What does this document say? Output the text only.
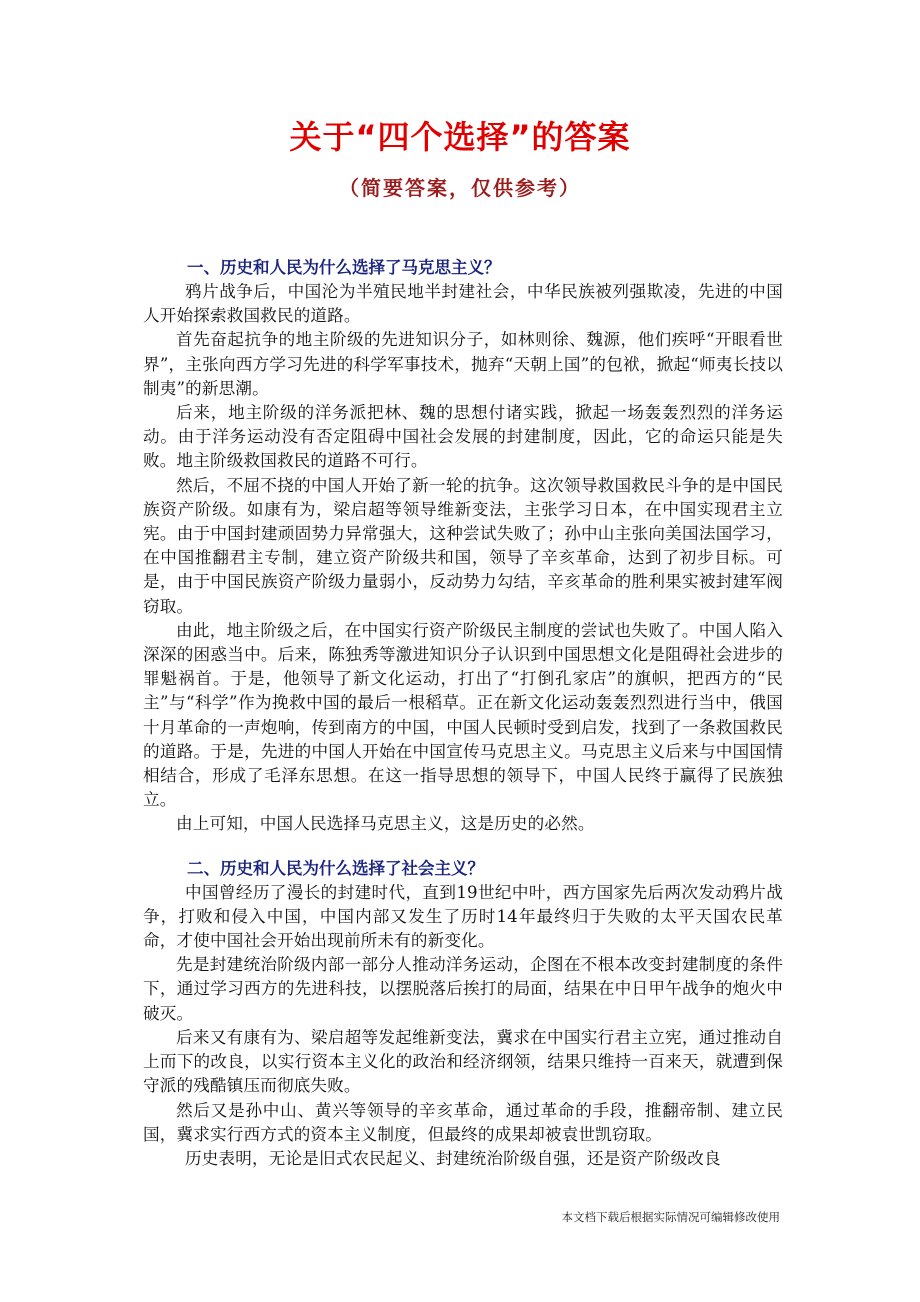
关于“四个选择”的答案
（简要答案，仅供参考）

一、历史和人民为什么选择了马克思主义？

鸦片战争后，中国沦为半殖民地半封建社会，中华民族被列强欺凌，先进的中国人开始探索救国救民的道路。

首先奋起抗争的地主阶级的先进知识分子，如林则徐、魏源，他们疾呼“开眼看世界”，主张向西方学习先进的科学军事技术，抛弃“天朝上国”的包袱，掀起“师夷长技以制夷”的新思潮。

后来，地主阶级的洋务派把林、魏的思想付诸实践，掀起一场轰轰烈烈的洋务运动。由于洋务运动没有否定阻碍中国社会发展的封建制度，因此，它的命运只能是失败。地主阶级救国救民的道路不可行。

然后，不屈不挠的中国人开始了新一轮的抗争。这次领导救国救民斗争的是中国民族资产阶级。如康有为，梁启超等领导维新变法，主张学习日本，在中国实现君主立宪。由于中国封建顽固势力异常强大，这种尝试失败了；孙中山主张向美国法国学习，在中国推翻君主专制，建立资产阶级共和国，领导了辛亥革命，达到了初步目标。可是，由于中国民族资产阶级力量弱小，反动势力勾结，辛亥革命的胜利果实被封建军阀窃取。

由此，地主阶级之后，在中国实行资产阶级民主制度的尝试也失败了。中国人陷入深深的困惑当中。后来，陈独秀等激进知识分子认识到中国思想文化是阻碍社会进步的罪魁祸首。于是，他领导了新文化运动，打出了“打倒孔家店”的旗帜，把西方的“民主”与“科学”作为挽救中国的最后一根稻草。正在新文化运动轰轰烈烈进行当中，俄国十月革命的一声炮响，传到南方的中国，中国人民顿时受到启发，找到了一条救国救民的道路。于是，先进的中国人开始在中国宣传马克思主义。马克思主义后来与中国国情相结合，形成了毛泽东思想。在这一指导思想的领导下，中国人民终于赢得了民族独立。

由上可知，中国人民选择马克思主义，这是历史的必然。

二、历史和人民为什么选择了社会主义？

中国曾经历了漫长的封建时代，直到19世纪中叶，西方国家先后两次发动鸦片战争，打败和侵入中国，中国内部又发生了历时14年最终归于失败的太平天国农民革命，才使中国社会开始出现前所未有的新变化。

先是封建统治阶级内部一部分人推动洋务运动，企图在不根本改变封建制度的条件下，通过学习西方的先进科技，以摆脱落后挨打的局面，结果在中日甲午战争的炮火中破灭。

后来又有康有为、梁启超等发起维新变法，冀求在中国实行君主立宪，通过推动自上而下的改良，以实行资本主义化的政治和经济纲领，结果只维持一百来天，就遭到保守派的残酷镇压而彻底失败。

然后又是孙中山、黄兴等领导的辛亥革命，通过革命的手段，推翻帝制、建立民国，冀求实行西方式的资本主义制度，但最终的成果却被袁世凯窃取。

历史表明，无论是旧式农民起义、封建统治阶级自强，还是资产阶级改良

本文档下载后根据实际情况可编辑修改使用
